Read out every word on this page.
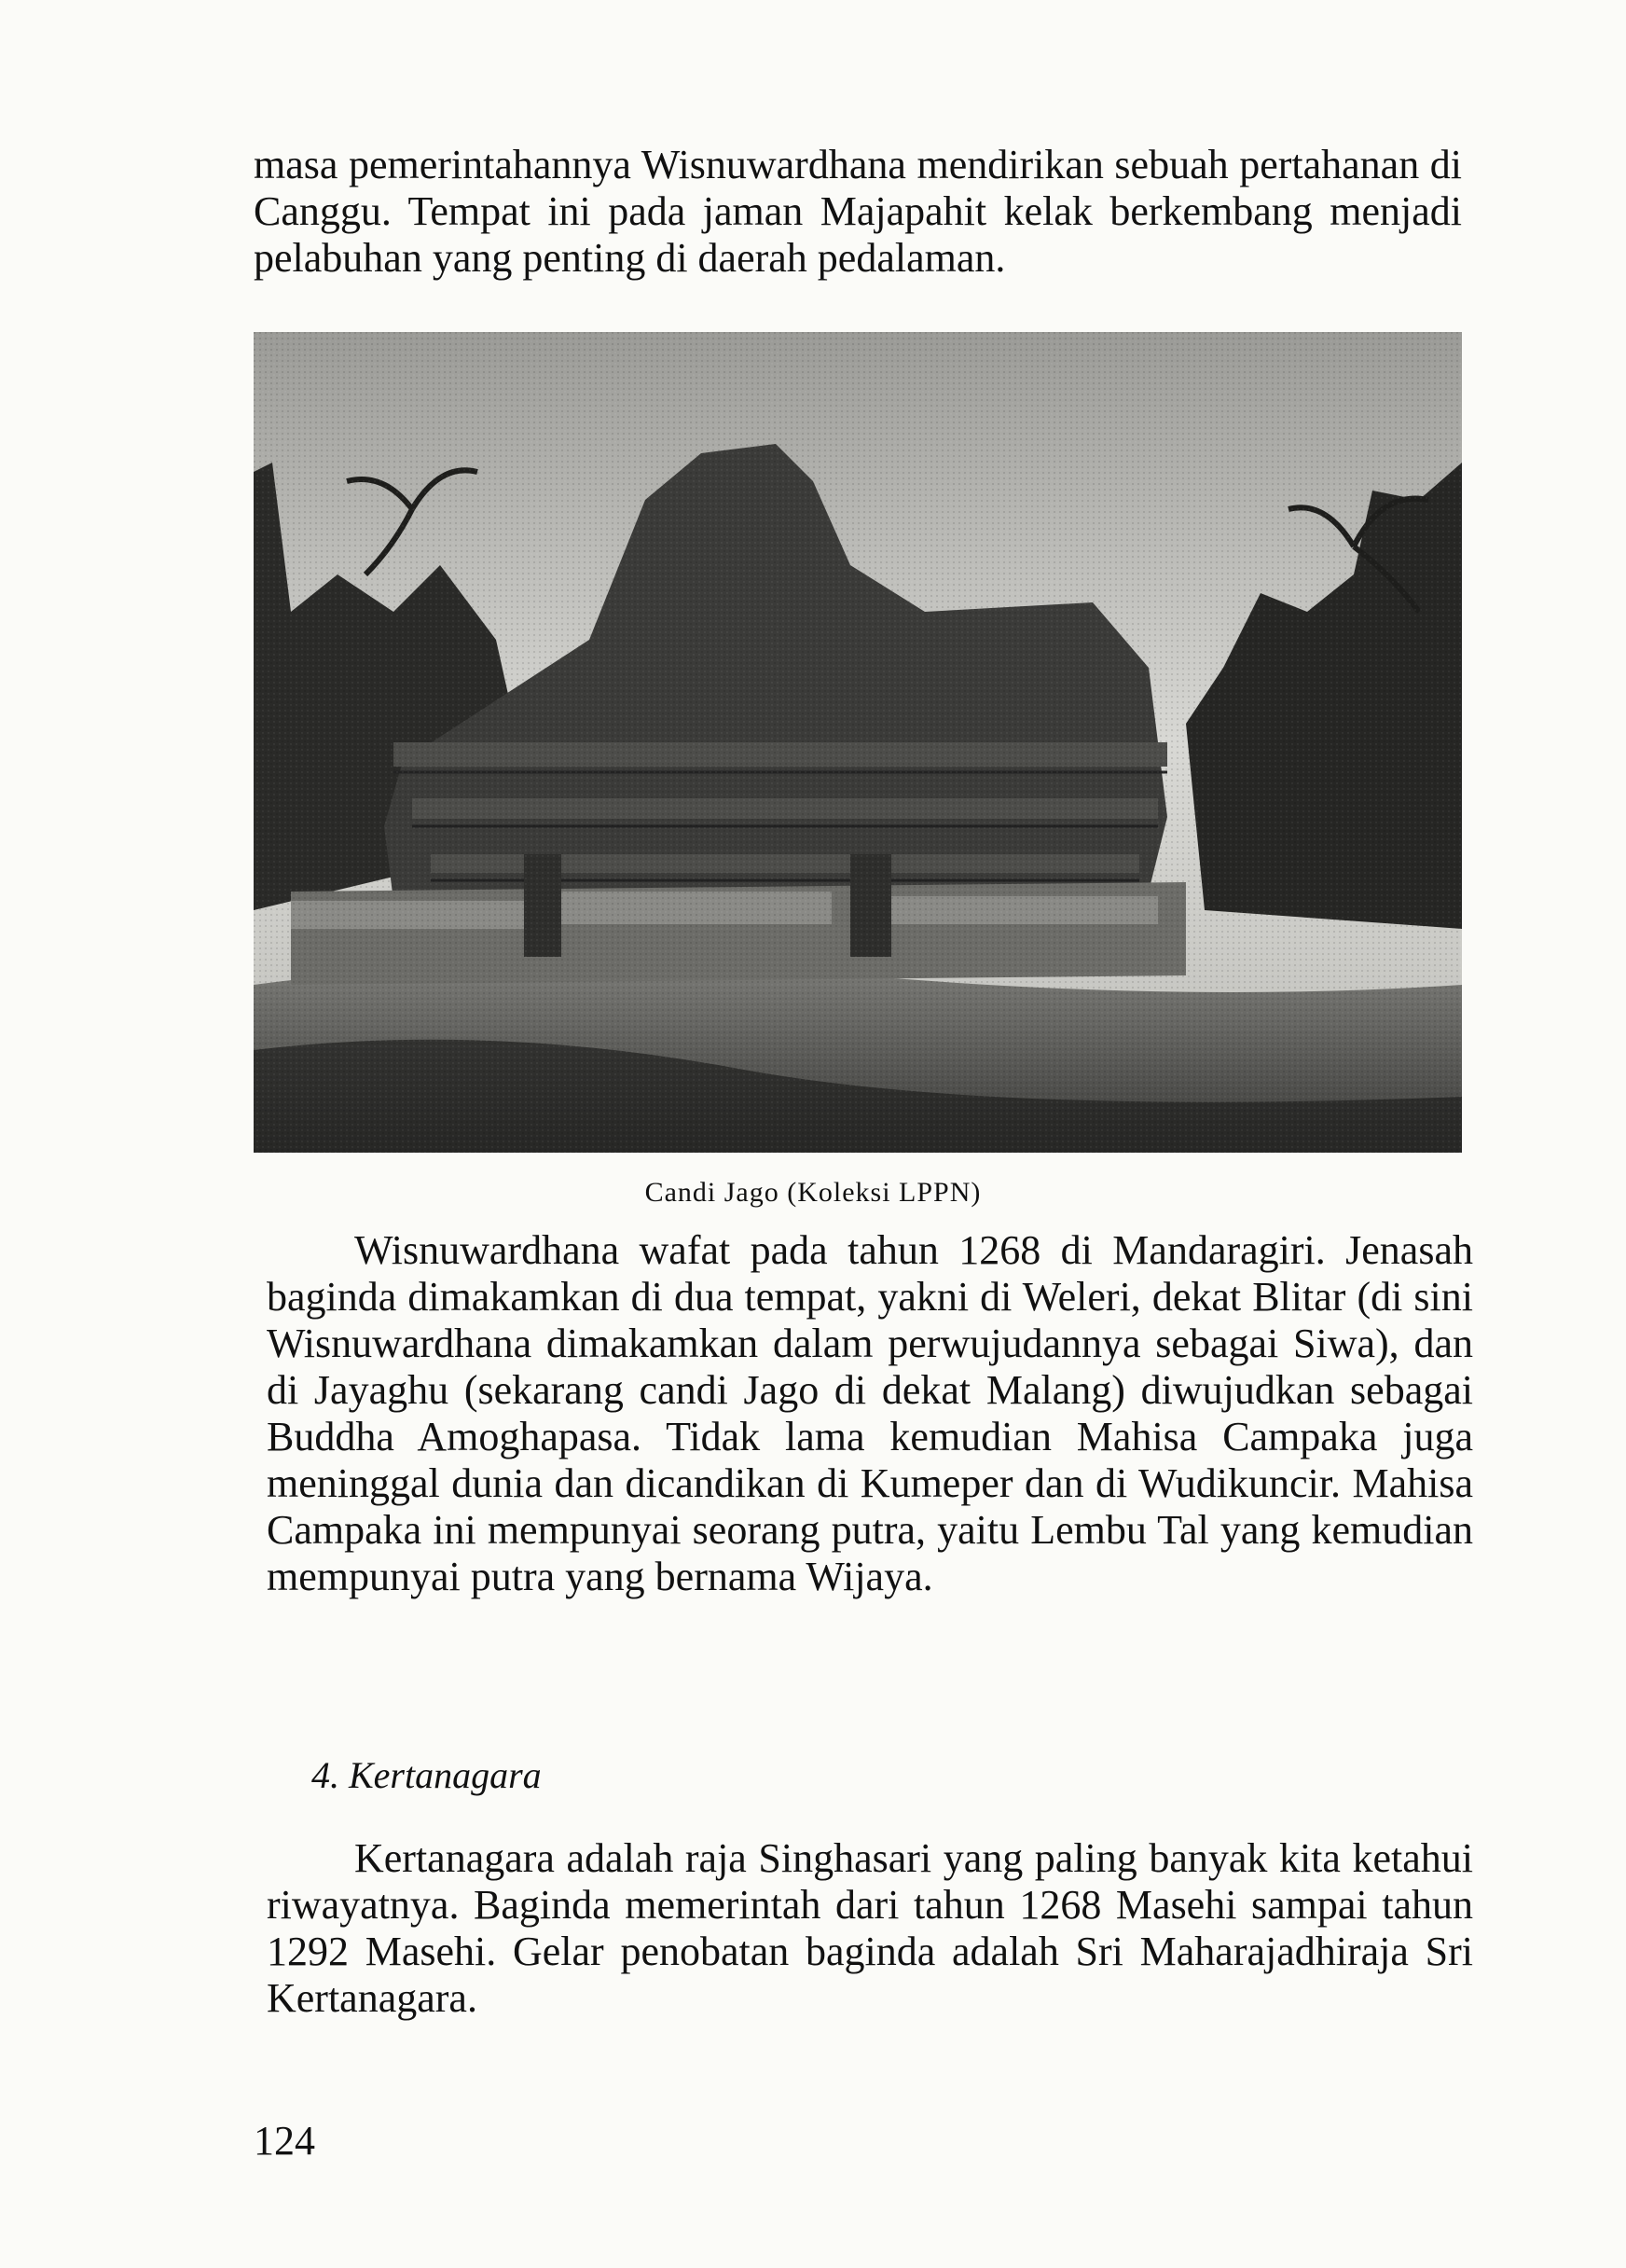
masa pemerintahannya Wisnuwardhana mendirikan sebuah pertahanan di Canggu. Tempat ini pada jaman Majapahit kelak berkembang menjadi pelabuhan yang penting di daerah pedalaman.

Candi Jago (Koleksi LPPN)

Wisnuwardhana wafat pada tahun 1268 di Mandaragiri. Jenasah baginda dimakamkan di dua tempat, yakni di Weleri, dekat Blitar (di sini Wisnuwardhana dimakamkan dalam perwujudannya sebagai Siwa), dan di Jayaghu (sekarang candi Jago di dekat Malang) diwujudkan sebagai Buddha Amoghapasa. Tidak lama kemudian Mahisa Campaka juga meninggal dunia dan dicandikan di Kumeper dan di Wudikuncir. Mahisa Campaka ini mempunyai seorang putra, yaitu Lembu Tal yang kemudian mempunyai putra yang bernama Wijaya.

4. Kertanagara

Kertanagara adalah raja Singhasari yang paling banyak kita ketahui riwayatnya. Baginda memerintah dari tahun 1268 Masehi sampai tahun 1292 Masehi. Gelar penobatan baginda adalah Sri Maharajadhiraja Sri Kertanagara.

124
